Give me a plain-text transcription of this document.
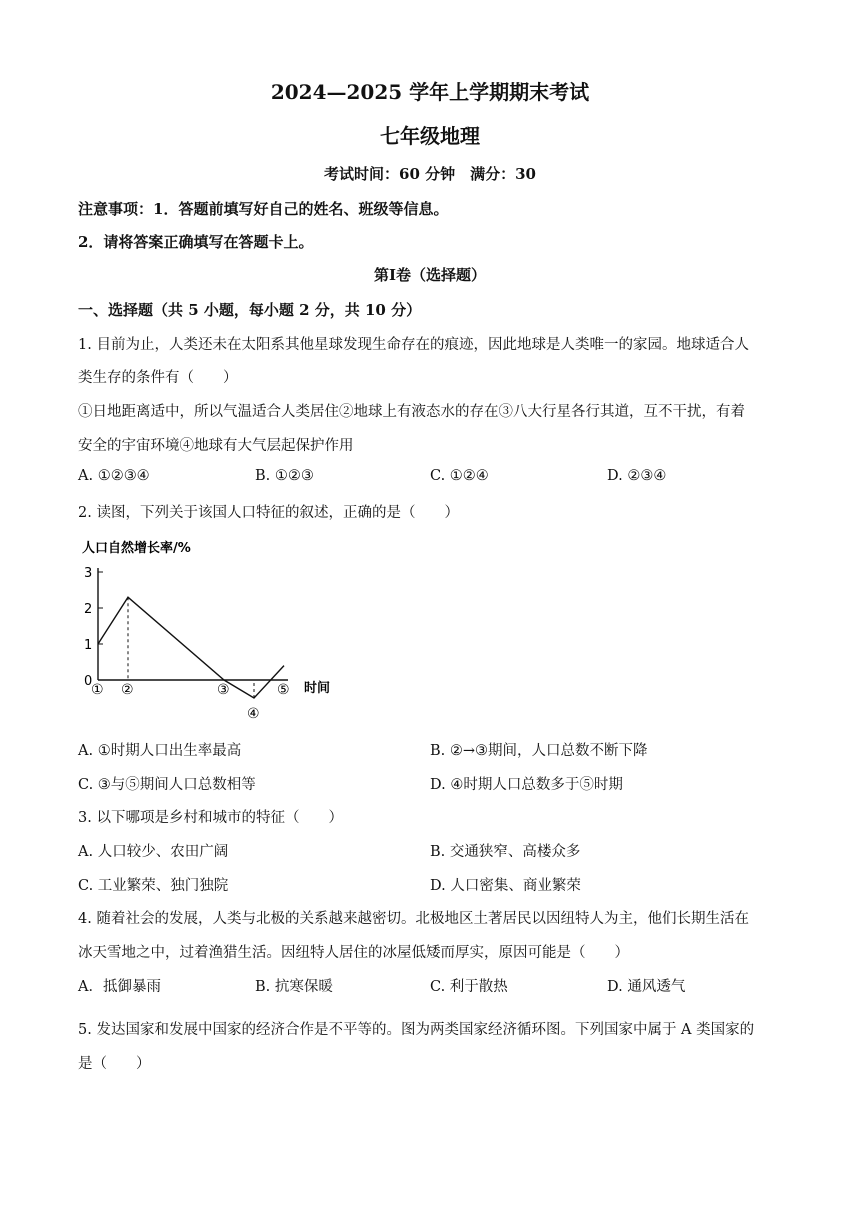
2024—2025 学年上学期期末考试
七年级地理
考试时间：60 分钟　满分：30
注意事项：1．答题前填写好自己的姓名、班级等信息。
2．请将答案正确填写在答题卡上。
第Ⅰ卷（选择题）
一、选择题（共 5 小题，每小题 2 分，共 10 分）
1. 目前为止，人类还未在太阳系其他星球发现生命存在的痕迹，因此地球是人类唯一的家园。地球适合人
类生存的条件有（　　）
①日地距离适中，所以气温适合人类居住②地球上有液态水的存在③八大行星各行其道，互不干扰，有着
安全的宇宙环境④地球有大气层起保护作用
A. ①②③④	B. ①②③	C. ①②④	D. ②③④
2. 读图，下列关于该国人口特征的叙述，正确的是（　　）
人口自然增长率/%
3
2
1
0
① ②	③
④
⑤ 时间
A. ①时期人口出生率最高	B. ②→③期间，人口总数不断下降
C. ③与⑤期间人口总数相等	D. ④时期人口总数多于⑤时期
3. 以下哪项是乡村和城市的特征（　　）
A. 人口较少、农田广阔	B. 交通狭窄、高楼众多
C. 工业繁荣、独门独院	D. 人口密集、商业繁荣
4. 随着社会的发展，人类与北极的关系越来越密切。北极地区土著居民以因纽特人为主，他们长期生活在
冰天雪地之中，过着渔猎生活。因纽特人居住的冰屋低矮而厚实，原因可能是（　　）
A．抵御暴雨	B. 抗寒保暖	C. 利于散热	D. 通风透气
5. 发达国家和发展中国家的经济合作是不平等的。图为两类国家经济循环图。下列国家中属于 A 类国家的
是（　　）
